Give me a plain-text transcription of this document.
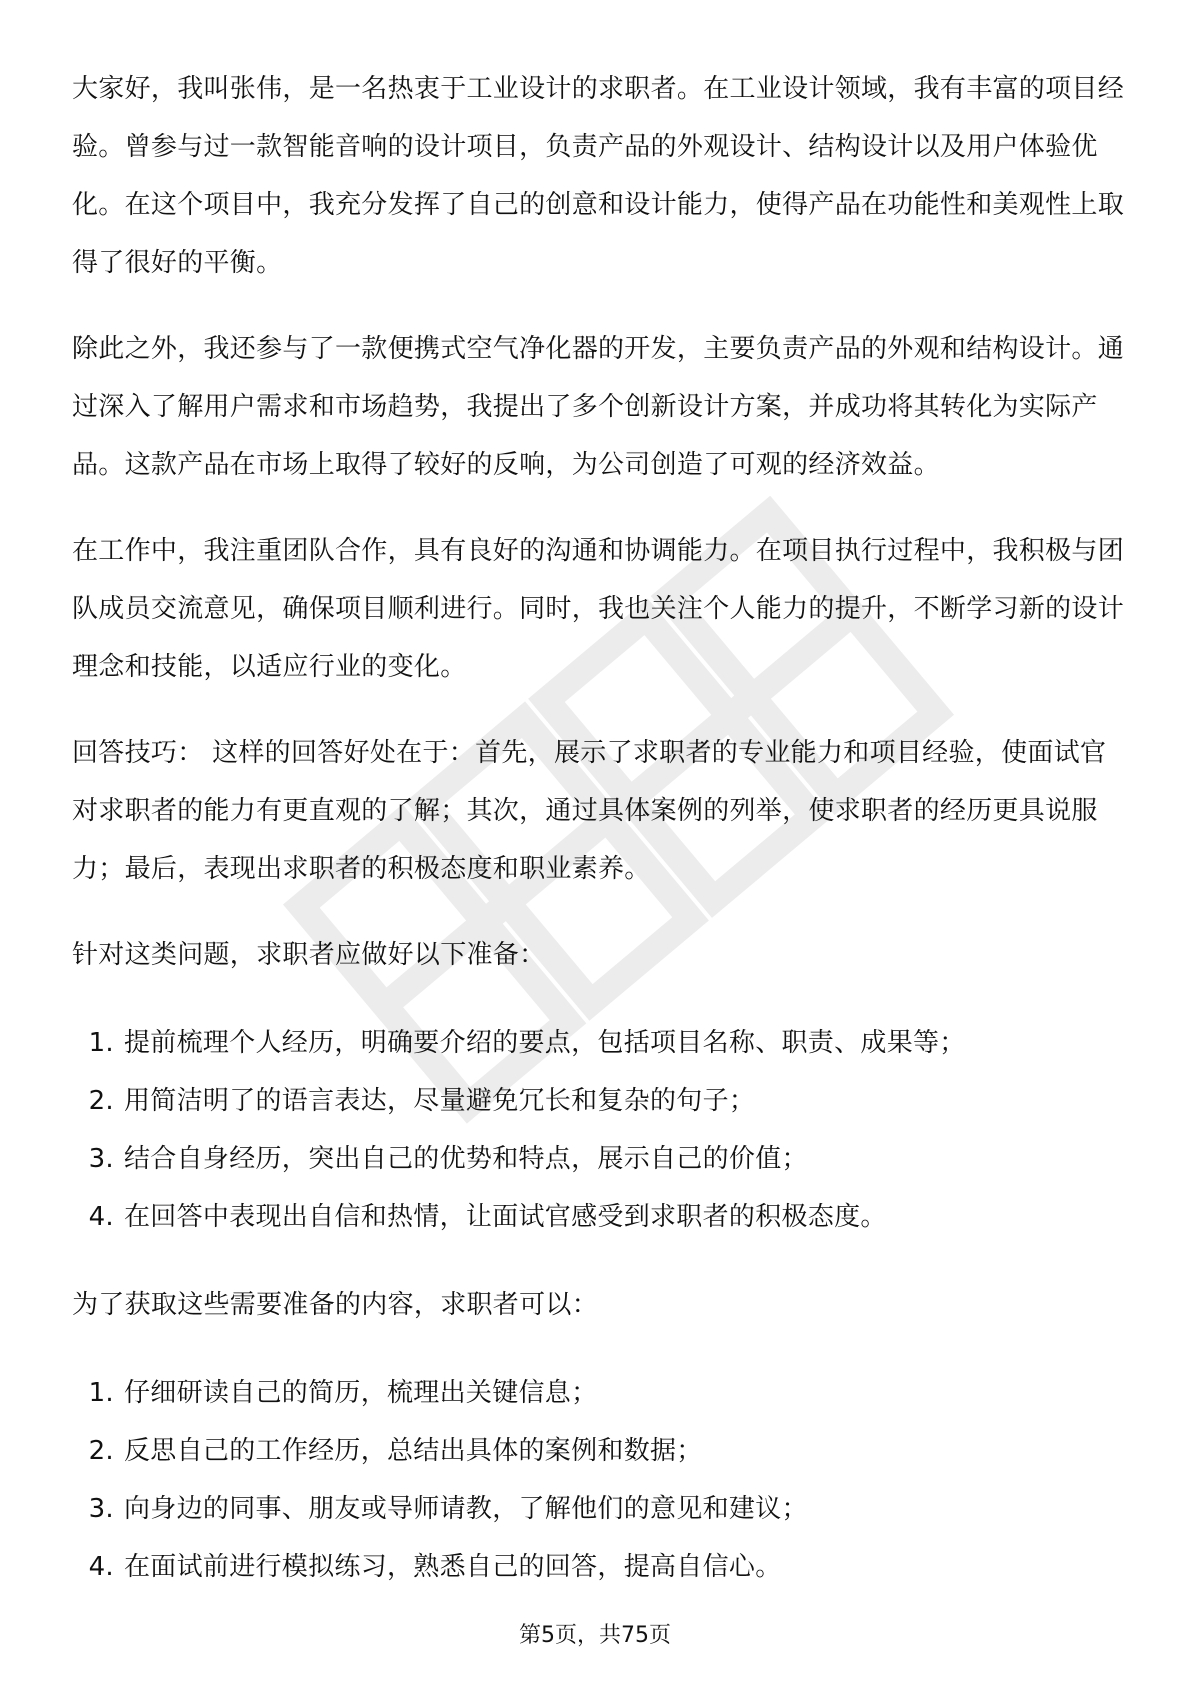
大家好，我叫张伟，是一名热衷于工业设计的求职者。在工业设计领域，我有丰富的项目经验。曾参与过一款智能音响的设计项目，负责产品的外观设计、结构设计以及用户体验优化。在这个项目中，我充分发挥了自己的创意和设计能力，使得产品在功能性和美观性上取得了很好的平衡。

除此之外，我还参与了一款便携式空气净化器的开发，主要负责产品的外观和结构设计。通过深入了解用户需求和市场趋势，我提出了多个创新设计方案，并成功将其转化为实际产品。这款产品在市场上取得了较好的反响，为公司创造了可观的经济效益。

在工作中，我注重团队合作，具有良好的沟通和协调能力。在项目执行过程中，我积极与团队成员交流意见，确保项目顺利进行。同时，我也关注个人能力的提升，不断学习新的设计理念和技能，以适应行业的变化。

回答技巧： 这样的回答好处在于：首先，展示了求职者的专业能力和项目经验，使面试官对求职者的能力有更直观的了解；其次，通过具体案例的列举，使求职者的经历更具说服力；最后，表现出求职者的积极态度和职业素养。

针对这类问题，求职者应做好以下准备：

1. 提前梳理个人经历，明确要介绍的要点，包括项目名称、职责、成果等；
2. 用简洁明了的语言表达，尽量避免冗长和复杂的句子；
3. 结合自身经历，突出自己的优势和特点，展示自己的价值；
4. 在回答中表现出自信和热情，让面试官感受到求职者的积极态度。

为了获取这些需要准备的内容，求职者可以：

1. 仔细研读自己的简历，梳理出关键信息；
2. 反思自己的工作经历，总结出具体的案例和数据；
3. 向身边的同事、朋友或导师请教，了解他们的意见和建议；
4. 在面试前进行模拟练习，熟悉自己的回答，提高自信心。
第5页，共75页
